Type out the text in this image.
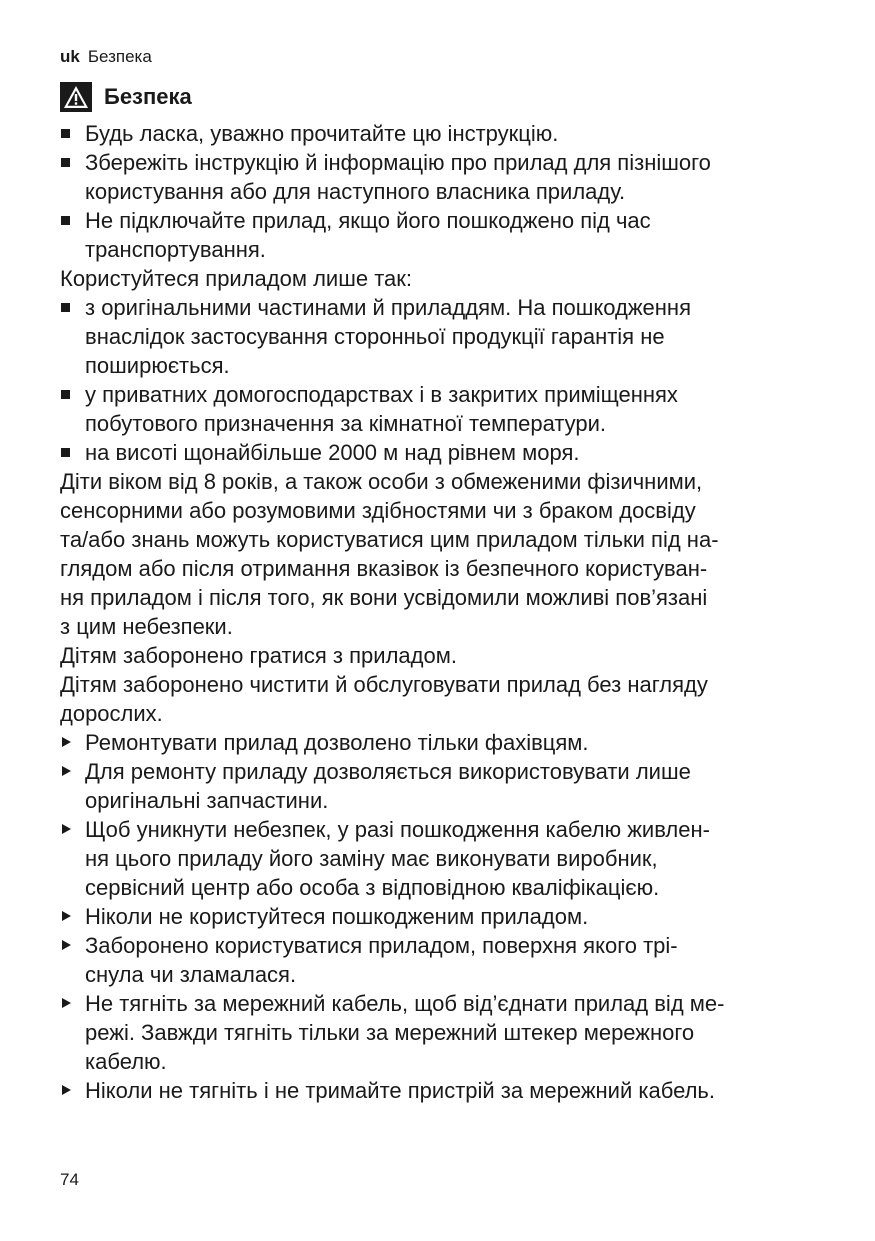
uk Безпека
Безпека
Будь ласка, уважно прочитайте цю інструкцію.
Збережіть інструкцію й інформацію про прилад для пізнішого
користування або для наступного власника приладу.
Не підключайте прилад, якщо його пошкоджено під час
транспортування.

Користуйтеся приладом лише так:

з оригінальними частинами й приладдям. На пошкодження
внаслідок застосування сторонньої продукції гарантія не
поширюється.
у приватних домогосподарствах і в закритих приміщеннях
побутового призначення за кімнатної температури.
на висоті щонайбільше 2000 м над рівнем моря.

Діти віком від 8 років, а також особи з обмеженими фізичними,
сенсорними або розумовими здібностями чи з браком досвіду
та/або знань можуть користуватися цим приладом тільки під на-
глядом або після отримання вказівок із безпечного користуван-
ня приладом і після того, як вони усвідомили можливі пов’язані
з цим небезпеки.

Дітям заборонено гратися з приладом.

Дітям заборонено чистити й обслуговувати прилад без нагляду
дорослих.

Ремонтувати прилад дозволено тільки фахівцям.
Для ремонту приладу дозволяється використовувати лише
оригінальні запчастини.
Щоб уникнути небезпек, у разі пошкодження кабелю живлен-
ня цього приладу його заміну має виконувати виробник,
сервісний центр або особа з відповідною кваліфікацією.
Ніколи не користуйтеся пошкодженим приладом.
Заборонено користуватися приладом, поверхня якого трі-
снула чи зламалася.
Не тягніть за мережний кабель, щоб від’єднати прилад від ме-
режі. Завжди тягніть тільки за мережний штекер мережного
кабелю.
Ніколи не тягніть і не тримайте пристрій за мережний кабель.
74
